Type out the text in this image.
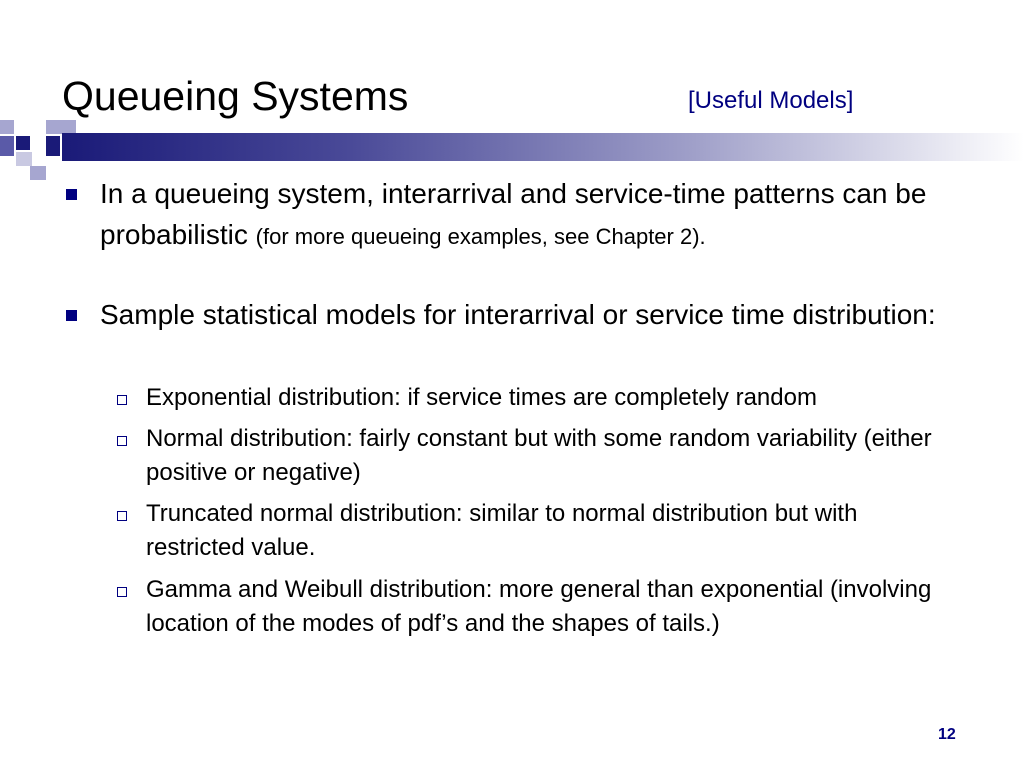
Queueing Systems	[Useful Models]
In a queueing system, interarrival and service-time patterns can be probabilistic (for more queueing examples, see Chapter 2).
Sample statistical models for interarrival or service time distribution:
Exponential distribution: if service times are completely random
Normal distribution: fairly constant but with some random variability (either positive or negative)
Truncated normal distribution: similar to normal distribution but with restricted value.
Gamma and Weibull distribution: more general than exponential (involving location of the modes of pdf’s and the shapes of tails.)
12
